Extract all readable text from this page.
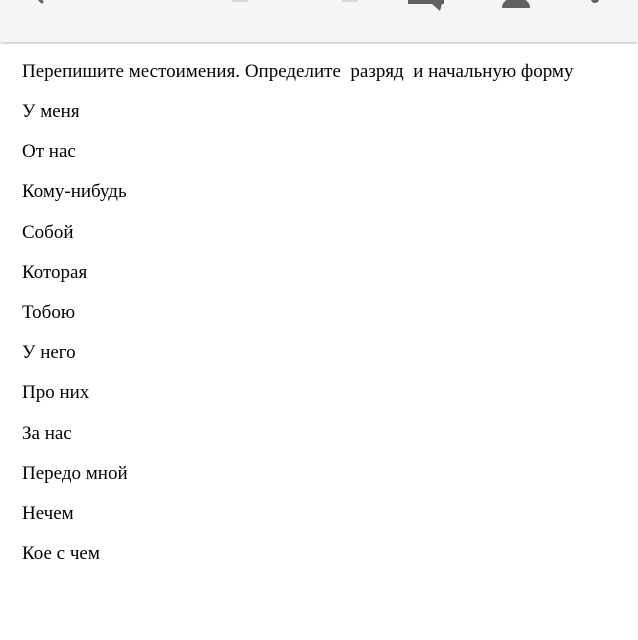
Перепишите местоимения. Определите  разряд  и начальную форму

У меня
От нас
Кому-нибудь
Собой
Которая
Тобою
У него
Про них
За нас
Передо мной
Нечем
Кое с чем
